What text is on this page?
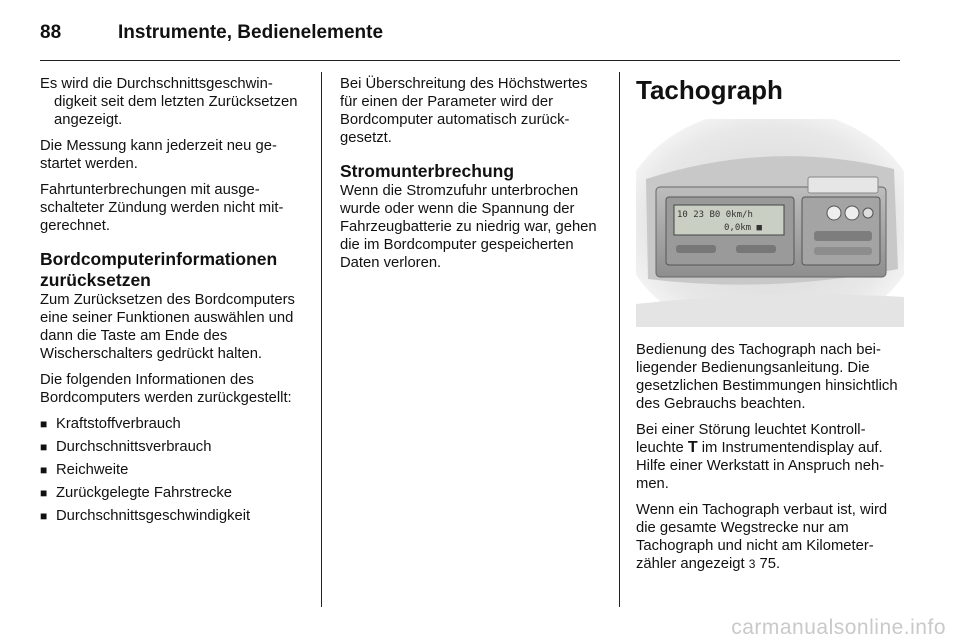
88	Instrumente, Bedienelemente

Es wird die Durchschnittsgeschwindigkeit seit dem letzten Zurücksetzen angezeigt.

Die Messung kann jederzeit neu gestartet werden.

Fahrtunterbrechungen mit ausgeschalteter Zündung werden nicht mitgerechnet.

Bordcomputerinformationen zurücksetzen

Zum Zurücksetzen des Bordcomputers eine seiner Funktionen auswählen und dann die Taste am Ende des Wischerschalters gedrückt halten.

Die folgenden Informationen des Bordcomputers werden zurückgestellt:

■ Kraftstoffverbrauch
■ Durchschnittsverbrauch
■ Reichweite
■ Zurückgelegte Fahrstrecke
■ Durchschnittsgeschwindigkeit

Bei Überschreitung des Höchstwertes für einen der Parameter wird der Bordcomputer automatisch zurückgesetzt.

Stromunterbrechung

Wenn die Stromzufuhr unterbrochen wurde oder wenn die Spannung der Fahrzeugbatterie zu niedrig war, gehen die im Bordcomputer gespeicherten Daten verloren.

Tachograph
10 23 B0 0km/h
0,0km ■

Bedienung des Tachograph nach beiliegender Bedienungsanleitung. Die gesetzlichen Bestimmungen hinsichtlich des Gebrauchs beachten.

Bei einer Störung leuchtet Kontrollleuchte T im Instrumentendisplay auf. Hilfe einer Werkstatt in Anspruch nehmen.

Wenn ein Tachograph verbaut ist, wird die gesamte Wegstrecke nur am Tachograph und nicht am Kilometerzähler angezeigt 3 75.

carmanualsonline.info
